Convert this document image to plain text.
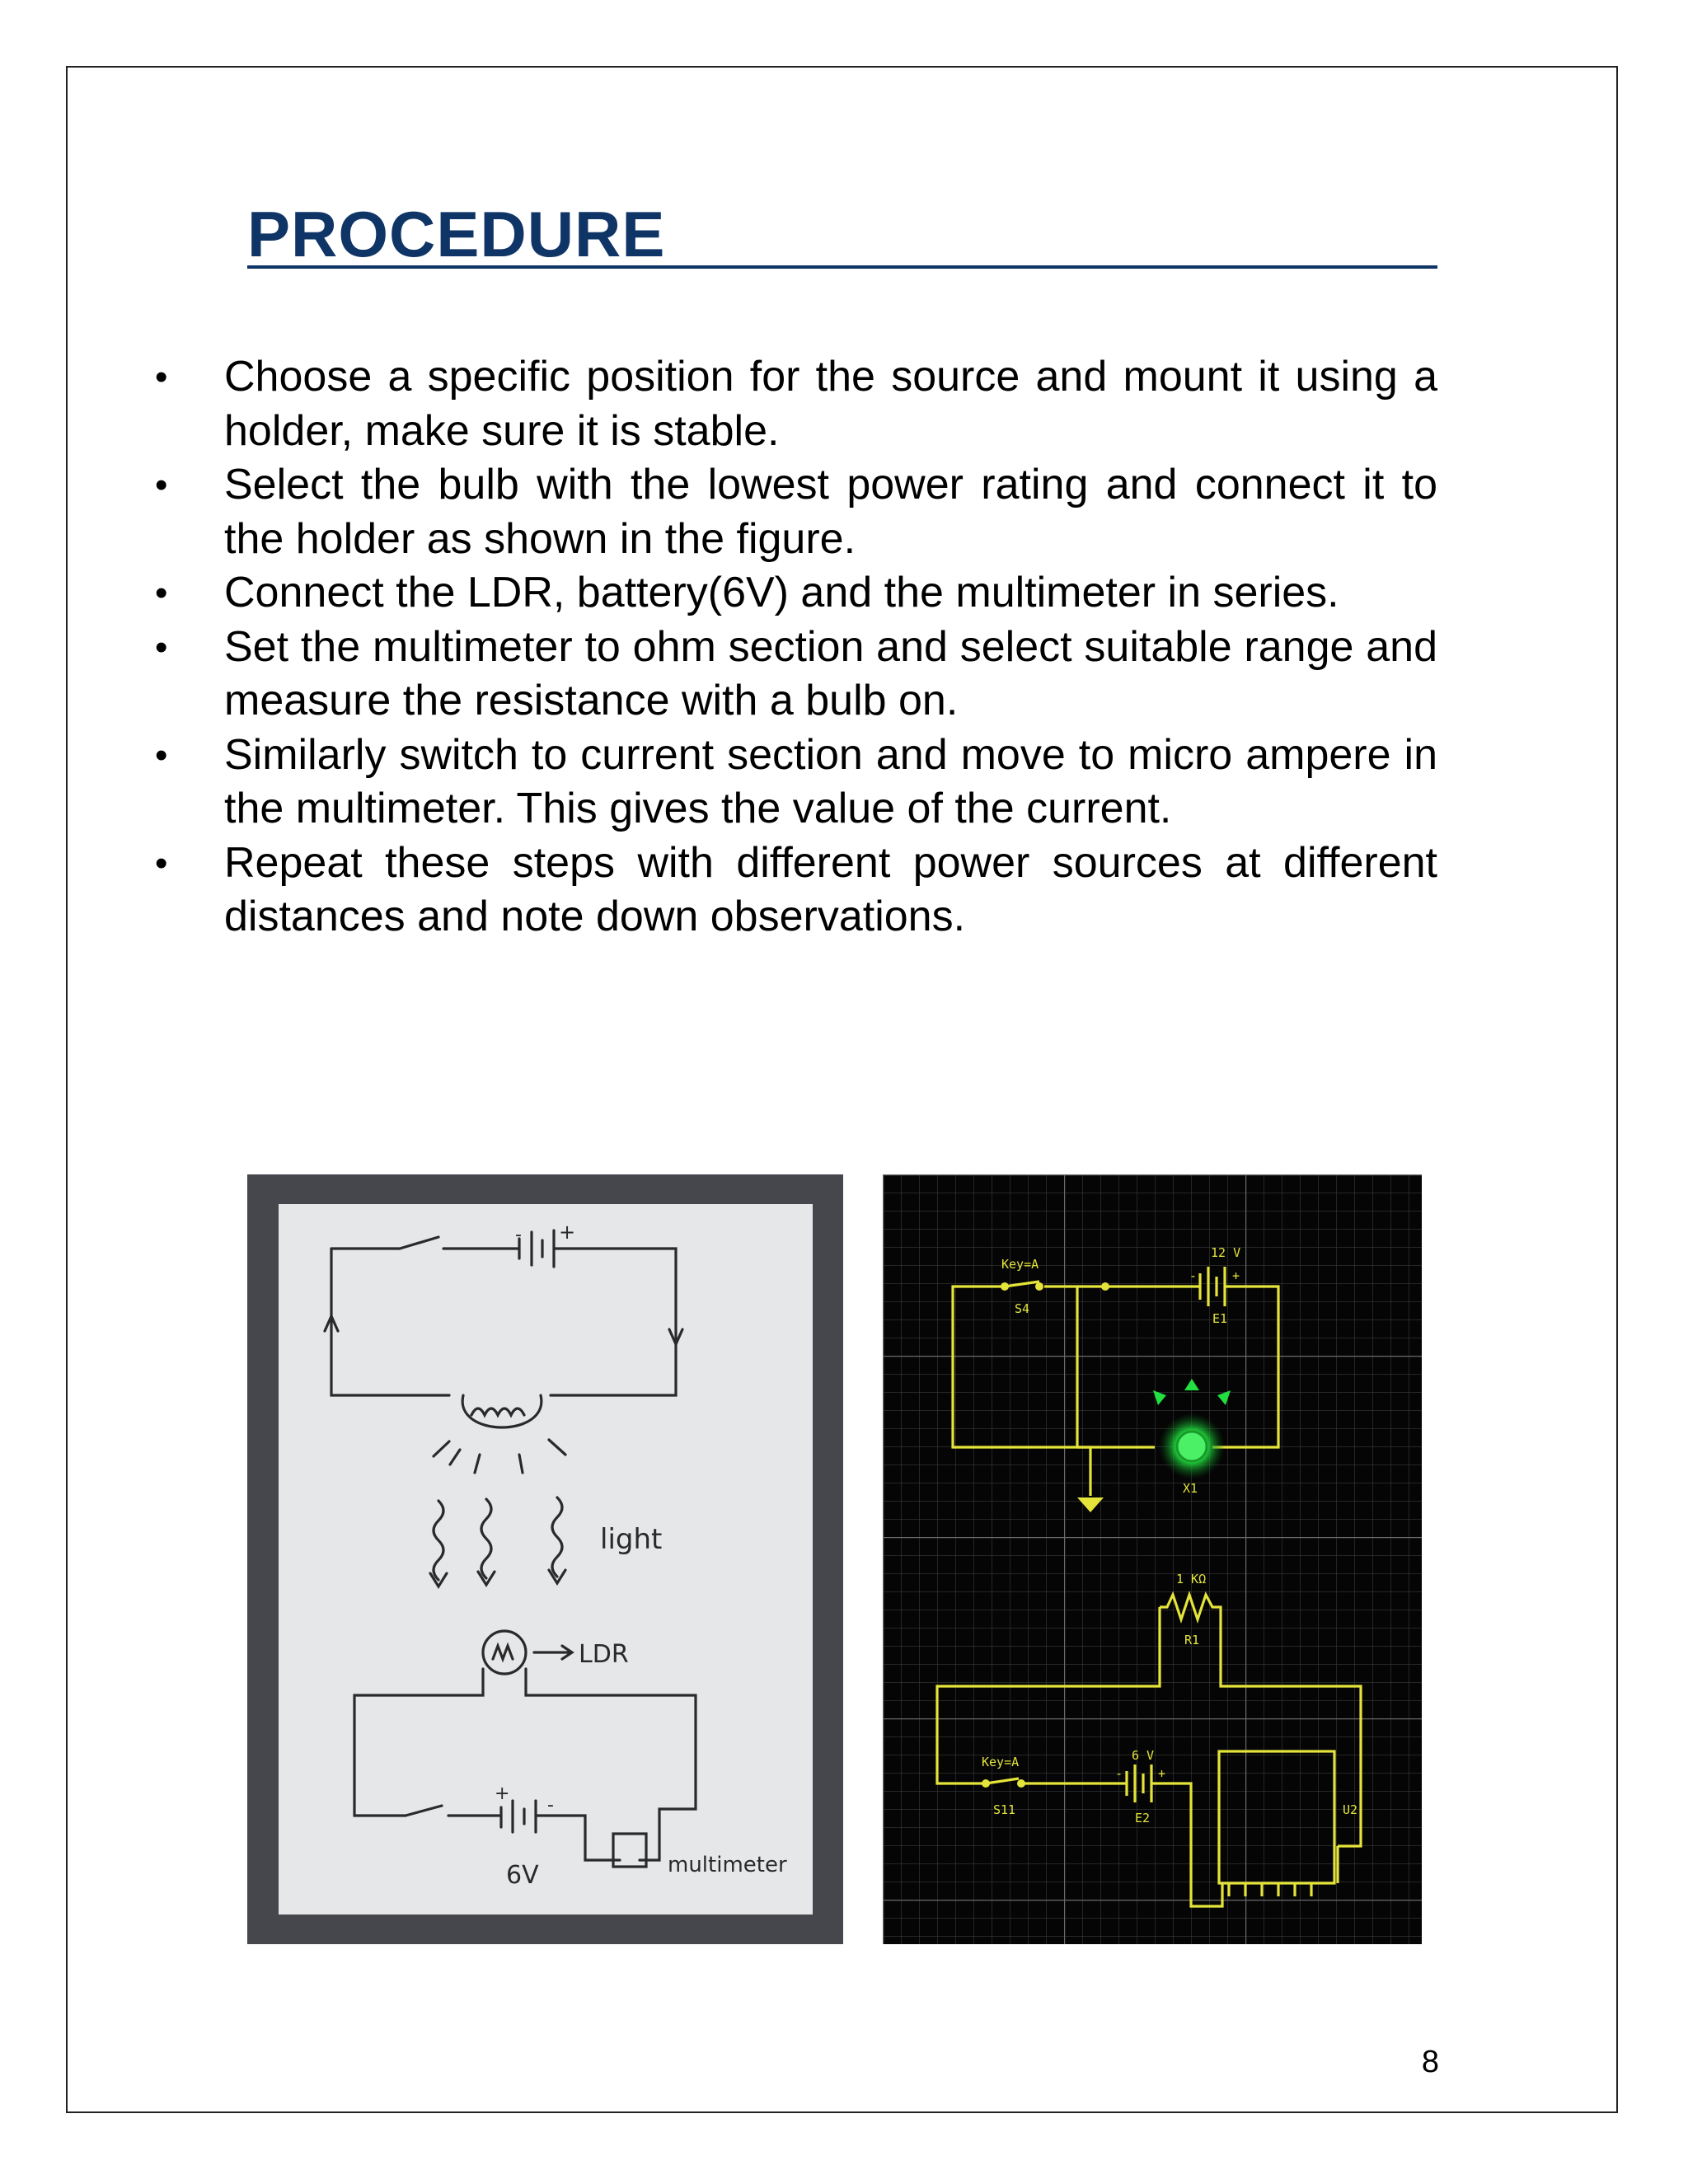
PROCEDURE
• Choose a specific position for the source and mount it using a holder, make sure it is stable.
• Select the bulb with the lowest power rating and connect it to the holder as shown in the figure.
• Connect the LDR, battery(6V) and the multimeter in series.
• Set the multimeter to ohm section and select suitable range and measure the resistance with a bulb on.
• Similarly switch to current section and move to micro ampere in the multimeter. This gives the value of the current.
• Repeat these steps with different power sources at different distances and note down observations.
- +
light
LDR
+
-
6V	multimeter
Key=A
S4
12 V
-	+
E1
X1
1 KΩ
R1
Key=A
S11
6 V
-	+
E2
U2
8
